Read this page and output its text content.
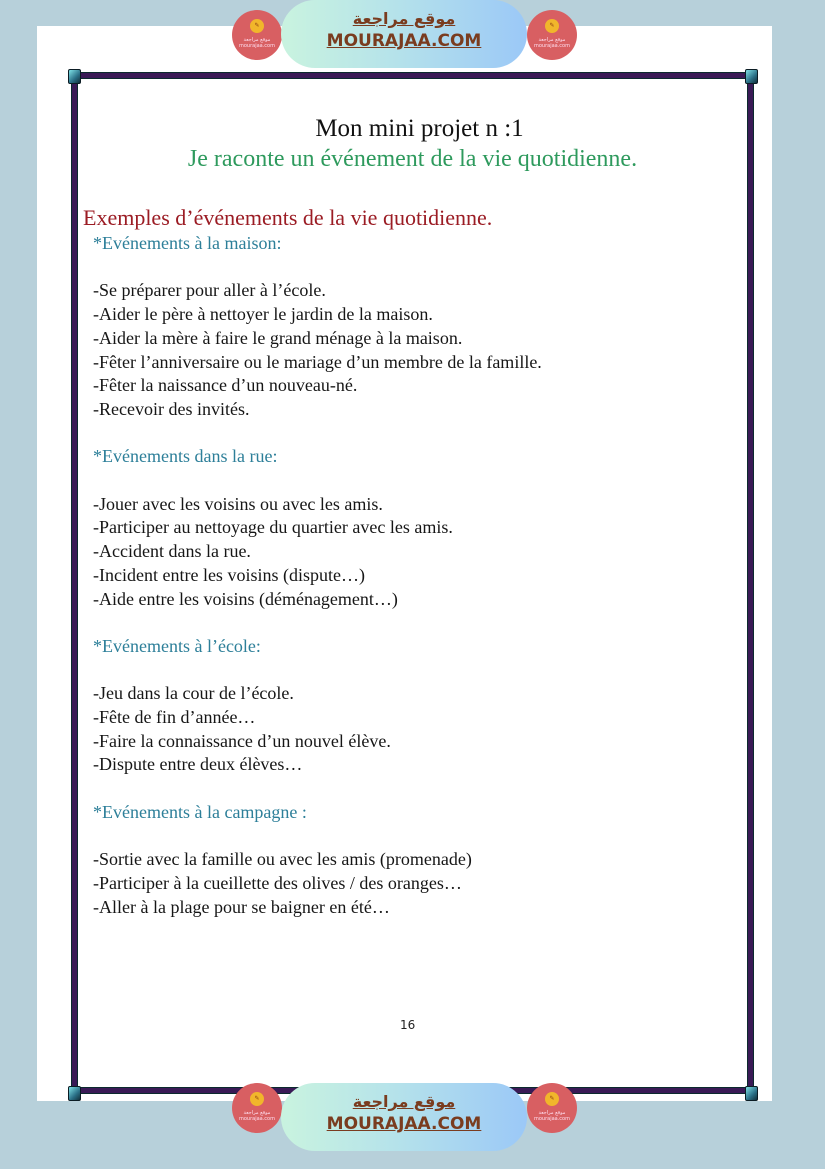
✎
موقع مراجعة mourajaa.com
موقع مراجعة
MOURAJAA.COM
✎
موقع مراجعة mourajaa.com
Mon mini projet n :1
Je raconte un événement de la vie quotidienne.
Exemples d’événements de la vie quotidienne.
*Evénements à la maison:
-Se préparer pour aller à l’école.
-Aider le père à nettoyer le jardin de la maison.
-Aider la mère à faire le grand ménage à la maison.
-Fêter l’anniversaire ou le mariage d’un membre de la famille.
-Fêter la naissance d’un nouveau-né.
-Recevoir des invités.
*Evénements dans la rue:
-Jouer avec les voisins ou avec les amis.
-Participer au nettoyage du quartier avec les amis.
-Accident dans la rue.
-Incident entre les voisins (dispute…)
-Aide entre les voisins (déménagement…)
*Evénements à l’école:
-Jeu dans la cour de l’école.
-Fête de fin d’année…
-Faire la connaissance d’un nouvel élève.
-Dispute entre deux élèves…
*Evénements à la campagne :
-Sortie avec la famille ou avec les amis (promenade)
-Participer à la cueillette des olives / des oranges…
-Aller à la plage pour se baigner en été…
16
✎
موقع مراجعة mourajaa.com
موقع مراجعة
MOURAJAA.COM
✎
موقع مراجعة mourajaa.com
